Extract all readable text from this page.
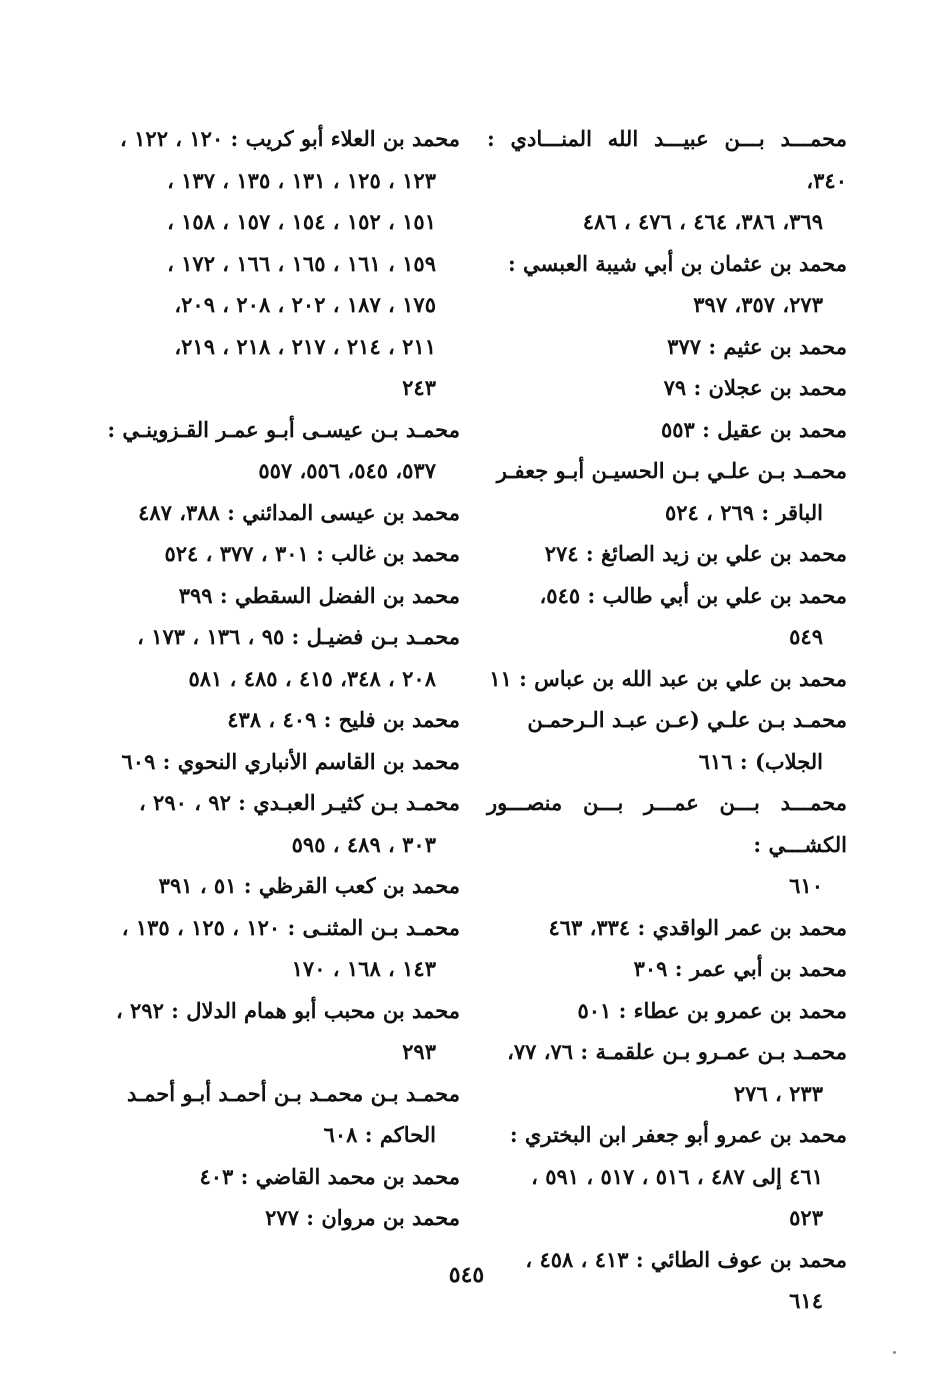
محمـــد بـــن عبيـــد الله المنـــادي : ٣٤٠،
٣٦٩، ٣٨٦، ٤٦٤ ، ٤٧٦ ، ٤٨٦
محمد بن عثمان بن أبي شيبة العبسي :
٢٧٣، ٣٥٧، ٣٩٧
محمد بن عثيم : ٣٧٧
محمد بن عجلان : ٧٩
محمد بن عقيل : ٥٥٣
محمـد بـن علـي بـن الحسيـن أبـو جعفـر
الباقر : ٢٦٩ ، ٥٢٤
محمد بن علي بن زيد الصائغ : ٢٧٤
محمد بن علي بن أبي طالب : ٥٤٥،
٥٤٩
محمد بن علي بن عبد الله بن عباس : ١١
محمـد بـن علـي (عـن عبـد الـرحمـن
الجلاب) : ٦١٦
محمـــد بـــن عمـــر بـــن منصـــور الكشـــي :
٦١٠
محمد بن عمر الواقدي : ٣٣٤، ٤٦٣
محمد بن أبي عمر : ٣٠٩
محمد بن عمرو بن عطاء : ٥٠١
محمـد بـن عمـرو بـن علقمـة : ٧٦، ٧٧،
٢٣٣ ، ٢٧٦
محمد بن عمرو أبو جعفر ابن البختري :
٤٦١ إلى ٤٨٧ ، ٥١٦ ، ٥١٧ ، ٥٩١ ،
٥٢٣
محمد بن عوف الطائي : ٤١٣ ، ٤٥٨ ،
٦١٤
محمد بن العلاء أبو كريب : ١٢٠ ، ١٢٢ ،
١٢٣ ، ١٢٥ ، ١٣١ ، ١٣٥ ، ١٣٧ ،
١٥١ ، ١٥٢ ، ١٥٤ ، ١٥٧ ، ١٥٨ ،
١٥٩ ، ١٦١ ، ١٦٥ ، ١٦٦ ، ١٧٢ ،
١٧٥ ، ١٨٧ ، ٢٠٢ ، ٢٠٨ ، ٢٠٩،
٢١١ ، ٢١٤ ، ٢١٧ ، ٢١٨ ، ٢١٩،
٢٤٣
محمـد بـن عيسـى أبـو عمـر القـزوينـي :
٥٣٧، ٥٤٥، ٥٥٦، ٥٥٧
محمد بن عيسى المدائني : ٣٨٨، ٤٨٧
محمد بن غالب : ٣٠١ ، ٣٧٧ ، ٥٢٤
محمد بن الفضل السقطي : ٣٩٩
محمـد بـن فضيـل : ٩٥ ، ١٣٦ ، ١٧٣ ،
٢٠٨ ، ٣٤٨، ٤١٥ ، ٤٨٥ ، ٥٨١
محمد بن فليح : ٤٠٩ ، ٤٣٨
محمد بن القاسم الأنباري النحوي : ٦٠٩
محمـد بـن كثيـر العبـدي : ٩٢ ، ٢٩٠ ،
٣٠٣ ، ٤٨٩ ، ٥٩٥
محمد بن كعب القرظي : ٥١ ، ٣٩١
محمـد بـن المثنـى : ١٢٠ ، ١٢٥ ، ١٣٥ ،
١٤٣ ، ١٦٨ ، ١٧٠
محمد بن محبب أبو همام الدلال : ٢٩٢ ،
٢٩٣
محمـد بـن محمـد بـن أحمـد أبـو أحمـد
الحاكم : ٦٠٨
محمد بن محمد القاضي : ٤٠٣
محمد بن مروان : ٢٧٧
٥٤٥
